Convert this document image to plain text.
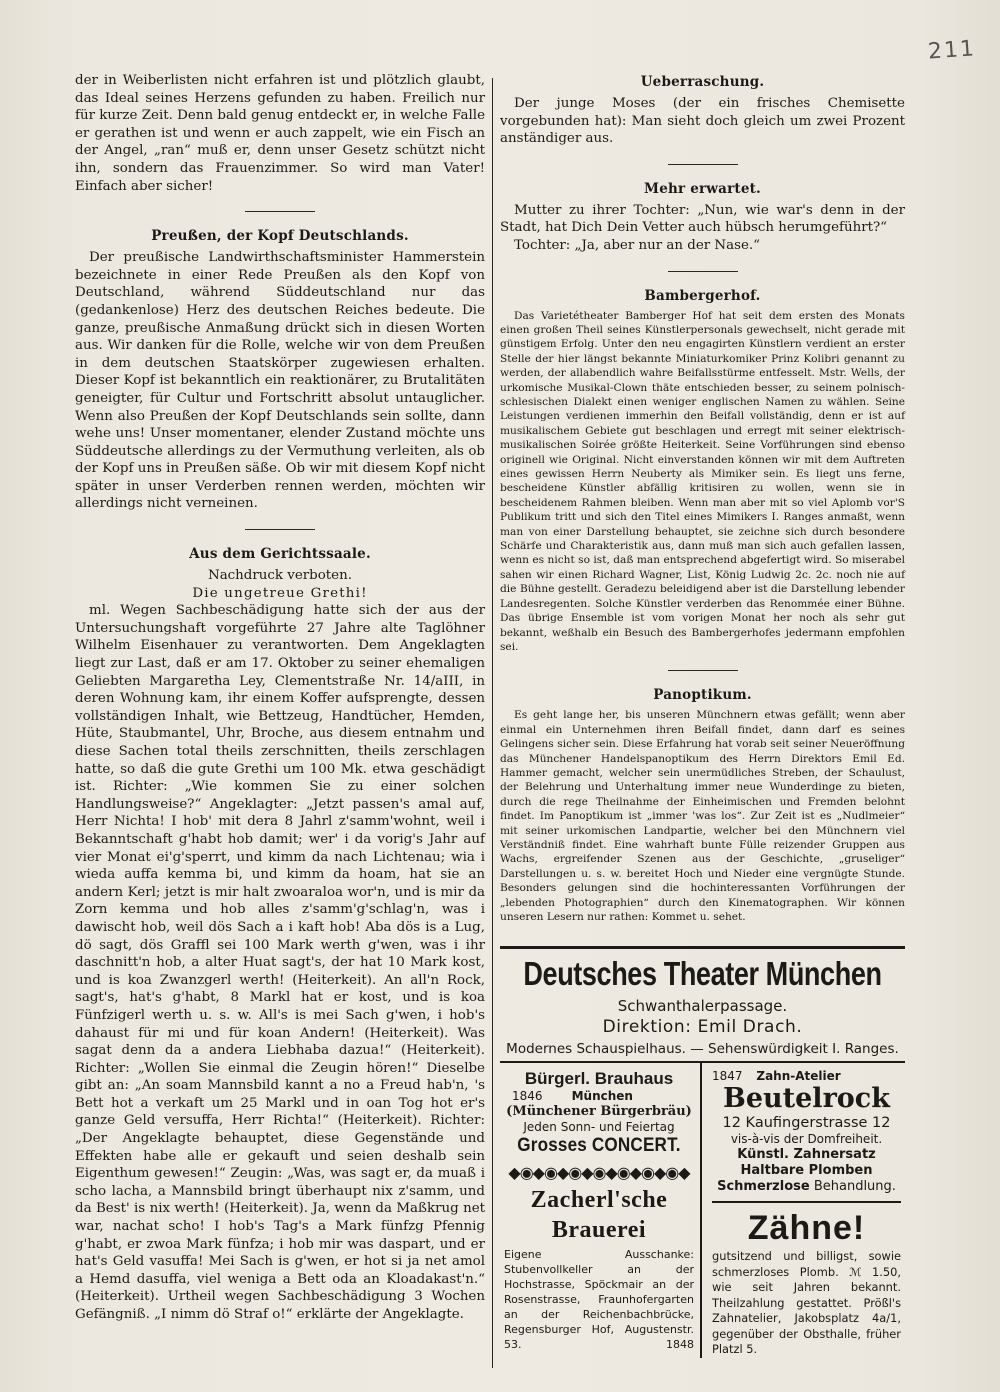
211

der in Weiberlisten nicht erfahren ist und plötzlich glaubt, das Ideal seines Herzens gefunden zu haben. Freilich nur für kurze Zeit. Denn bald genug entdeckt er, in welche Falle er gerathen ist und wenn er auch zappelt, wie ein Fisch an der Angel, „ran“ muß er, denn unser Gesetz schützt nicht ihn, sondern das Frauenzimmer. So wird man Vater! Einfach aber sicher!

Preußen, der Kopf Deutschlands.

Der preußische Landwirthschaftsminister Hammerstein bezeichnete in einer Rede Preußen als den Kopf von Deutschland, während Süddeutschland nur das (gedankenlose) Herz des deutschen Reiches bedeute. Die ganze, preußische Anmaßung drückt sich in diesen Worten aus. Wir danken für die Rolle, welche wir von dem Preußen in dem deutschen Staatskörper zugewiesen erhalten. Dieser Kopf ist bekanntlich ein reaktionärer, zu Brutalitäten geneigter, für Cultur und Fortschritt absolut untauglicher. Wenn also Preußen der Kopf Deutschlands sein sollte, dann wehe uns! Unser momentaner, elender Zustand möchte uns Süddeutsche allerdings zu der Vermuthung verleiten, als ob der Kopf uns in Preußen säße. Ob wir mit diesem Kopf nicht später in unser Verderben rennen werden, möchten wir allerdings nicht verneinen.

Aus dem Gerichtssaale.

Nachdruck verboten.

Die ungetreue Grethi!

ml. Wegen Sachbeschädigung hatte sich der aus der Untersuchungshaft vorgeführte 27 Jahre alte Taglöhner Wilhelm Eisenhauer zu verantworten. Dem Angeklagten liegt zur Last, daß er am 17. Oktober zu seiner ehemaligen Geliebten Margaretha Ley, Clementstraße Nr. 14/aIII, in deren Wohnung kam, ihr einem Koffer aufsprengte, dessen vollständigen Inhalt, wie Bettzeug, Handtücher, Hemden, Hüte, Staubmantel, Uhr, Broche, aus diesem entnahm und diese Sachen total theils zerschnitten, theils zerschlagen hatte, so daß die gute Grethi um 100 Mk. etwa geschädigt ist. Richter: „Wie kommen Sie zu einer solchen Handlungsweise?“ Angeklagter: „Jetzt passen's amal auf, Herr Nichta! I hob' mit dera 8 Jahrl z'samm'wohnt, weil i Bekanntschaft g'habt hob damit; wer' i da vorig's Jahr auf vier Monat ei'g'sperrt, und kimm da nach Lichtenau; wia i wieda auffa kemma bi, und kimm da hoam, hat sie an andern Kerl; jetzt is mir halt zwoaraloa wor'n, und is mir da Zorn kemma und hob alles z'samm'g'schlag'n, was i dawischt hob, weil dös Sach a i kaft hob! Aba dös is a Lug, dö sagt, dös Graffl sei 100 Mark werth g'wen, was i ihr daschnitt'n hob, a alter Huat sagt's, der hat 10 Mark kost, und is koa Zwanzgerl werth! (Heiterkeit). An all'n Rock, sagt's, hat's g'habt, 8 Markl hat er kost, und is koa Fünfzigerl werth u. s. w. All's is mei Sach g'wen, i hob's dahaust für mi und für koan Andern! (Heiterkeit). Was sagat denn da a andera Liebhaba dazua!“ (Heiterkeit). Richter: „Wollen Sie einmal die Zeugin hören!“ Dieselbe gibt an: „An soam Mannsbild kannt a no a Freud hab'n, 's Bett hot a verkaft um 25 Markl und in oan Tog hot er's ganze Geld versuffa, Herr Richta!“ (Heiterkeit). Richter: „Der Angeklagte behauptet, diese Gegenstände und Effekten habe alle er gekauft und seien deshalb sein Eigenthum gewesen!“ Zeugin: „Was, was sagt er, da muaß i scho lacha, a Mannsbild bringt überhaupt nix z'samm, und da Best' is nix werth! (Heiterkeit). Ja, wenn da Maßkrug net war, nachat scho! I hob's Tag's a Mark fünfzg Pfennig g'habt, er zwoa Mark fünfza; i hob mir was daspart, und er hat's Geld vasuffa! Mei Sach is g'wen, er hot si ja net amol a Hemd dasuffa, viel weniga a Bett oda an Kloadakast'n.“ (Heiterkeit). Urtheil wegen Sachbeschädigung 3 Wochen Gefängniß. „I nimm dö Straf o!“ erklärte der Angeklagte.

Ueberraschung.

Der junge Moses (der ein frisches Chemisette vorgebunden hat): Man sieht doch gleich um zwei Prozent anständiger aus.

Mehr erwartet.

Mutter zu ihrer Tochter: „Nun, wie war's denn in der Stadt, hat Dich Dein Vetter auch hübsch herumgeführt?“

Tochter: „Ja, aber nur an der Nase.“

Bambergerhof.

Das Varietétheater Bamberger Hof hat seit dem ersten des Monats einen großen Theil seines Künstlerpersonals gewechselt, nicht gerade mit günstigem Erfolg. Unter den neu engagirten Künstlern verdient an erster Stelle der hier längst bekannte Miniaturkomiker Prinz Kolibri genannt zu werden, der allabendlich wahre Beifallsstürme entfesselt. Mstr. Wells, der urkomische Musikal-Clown thäte entschieden besser, zu seinem polnisch-schlesischen Dialekt einen weniger englischen Namen zu wählen. Seine Leistungen verdienen immerhin den Beifall vollständig, denn er ist auf musikalischem Gebiete gut beschlagen und erregt mit seiner elektrisch-musikalischen Soirée größte Heiterkeit. Seine Vorführungen sind ebenso originell wie Original. Nicht einverstanden können wir mit dem Auftreten eines gewissen Herrn Neuberty als Mimiker sein. Es liegt uns ferne, bescheidene Künstler abfällig kritisiren zu wollen, wenn sie in bescheidenem Rahmen bleiben. Wenn man aber mit so viel Aplomb vor'S Publikum tritt und sich den Titel eines Mimikers I. Ranges anmaßt, wenn man von einer Darstellung behauptet, sie zeichne sich durch besondere Schärfe und Charakteristik aus, dann muß man sich auch gefallen lassen, wenn es nicht so ist, daß man entsprechend abgefertigt wird. So miserabel sahen wir einen Richard Wagner, List, König Ludwig 2c. 2c. noch nie auf die Bühne gestellt. Geradezu beleidigend aber ist die Darstellung lebender Landesregenten. Solche Künstler verderben das Renommée einer Bühne. Das übrige Ensemble ist vom vorigen Monat her noch als sehr gut bekannt, weßhalb ein Besuch des Bambergerhofes jedermann empfohlen sei.

Panoptikum.

Es geht lange her, bis unseren Münchnern etwas gefällt; wenn aber einmal ein Unternehmen ihren Beifall findet, dann darf es seines Gelingens sicher sein. Diese Erfahrung hat vorab seit seiner Neueröffnung das Münchener Handelspanoptikum des Herrn Direktors Emil Ed. Hammer gemacht, welcher sein unermüdliches Streben, der Schaulust, der Belehrung und Unterhaltung immer neue Wunderdinge zu bieten, durch die rege Theilnahme der Einheimischen und Fremden belohnt findet. Im Panoptikum ist „immer 'was los“. Zur Zeit ist es „Nudlmeier“ mit seiner urkomischen Landpartie, welcher bei den Münchnern viel Verständniß findet. Eine wahrhaft bunte Fülle reizender Gruppen aus Wachs, ergreifender Szenen aus der Geschichte, „gruseliger“ Darstellungen u. s. w. bereitet Hoch und Nieder eine vergnügte Stunde. Besonders gelungen sind die hochinteressanten Vorführungen der „lebenden Photographien“ durch den Kinematographen. Wir können unseren Lesern nur rathen: Kommet u. sehet.

Deutsches Theater München
Schwanthalerpassage.
Direktion: Emil Drach.
Modernes Schauspielhaus. — Sehenswürdigkeit I. Ranges.
Bürgerl. Brauhaus
1846 München
(Münchener Bürgerbräu)
Jeden Sonn- und Feiertag
Grosses CONCERT.
◆◉◆◉◆◉◆◉◆◉◆◉◆◉◆
Zacherl'sche Brauerei

Eigene Ausschanke: Stubenvollkeller an der Hochstrasse, Spöckmair an der Rosenstrasse, Fraunhofergarten an der Reichenbachbrücke, Regensburger Hof, Augustenstr. 53.	1848

1847 Zahn-Atelier
Beutelrock
12 Kaufingerstrasse 12
vis-à-vis der Domfreiheit.
Künstl. Zahnersatz
Haltbare Plomben
Schmerzlose Behandlung.
Zähne!

gutsitzend und billigst, sowie schmerzloses Plomb. ℳ 1.50, wie seit Jahren bekannt. Theilzahlung gestattet. Prößl's Zahnatelier, Jakobsplatz 4a/1, gegenüber der Obsthalle, früher Platzl 5.
